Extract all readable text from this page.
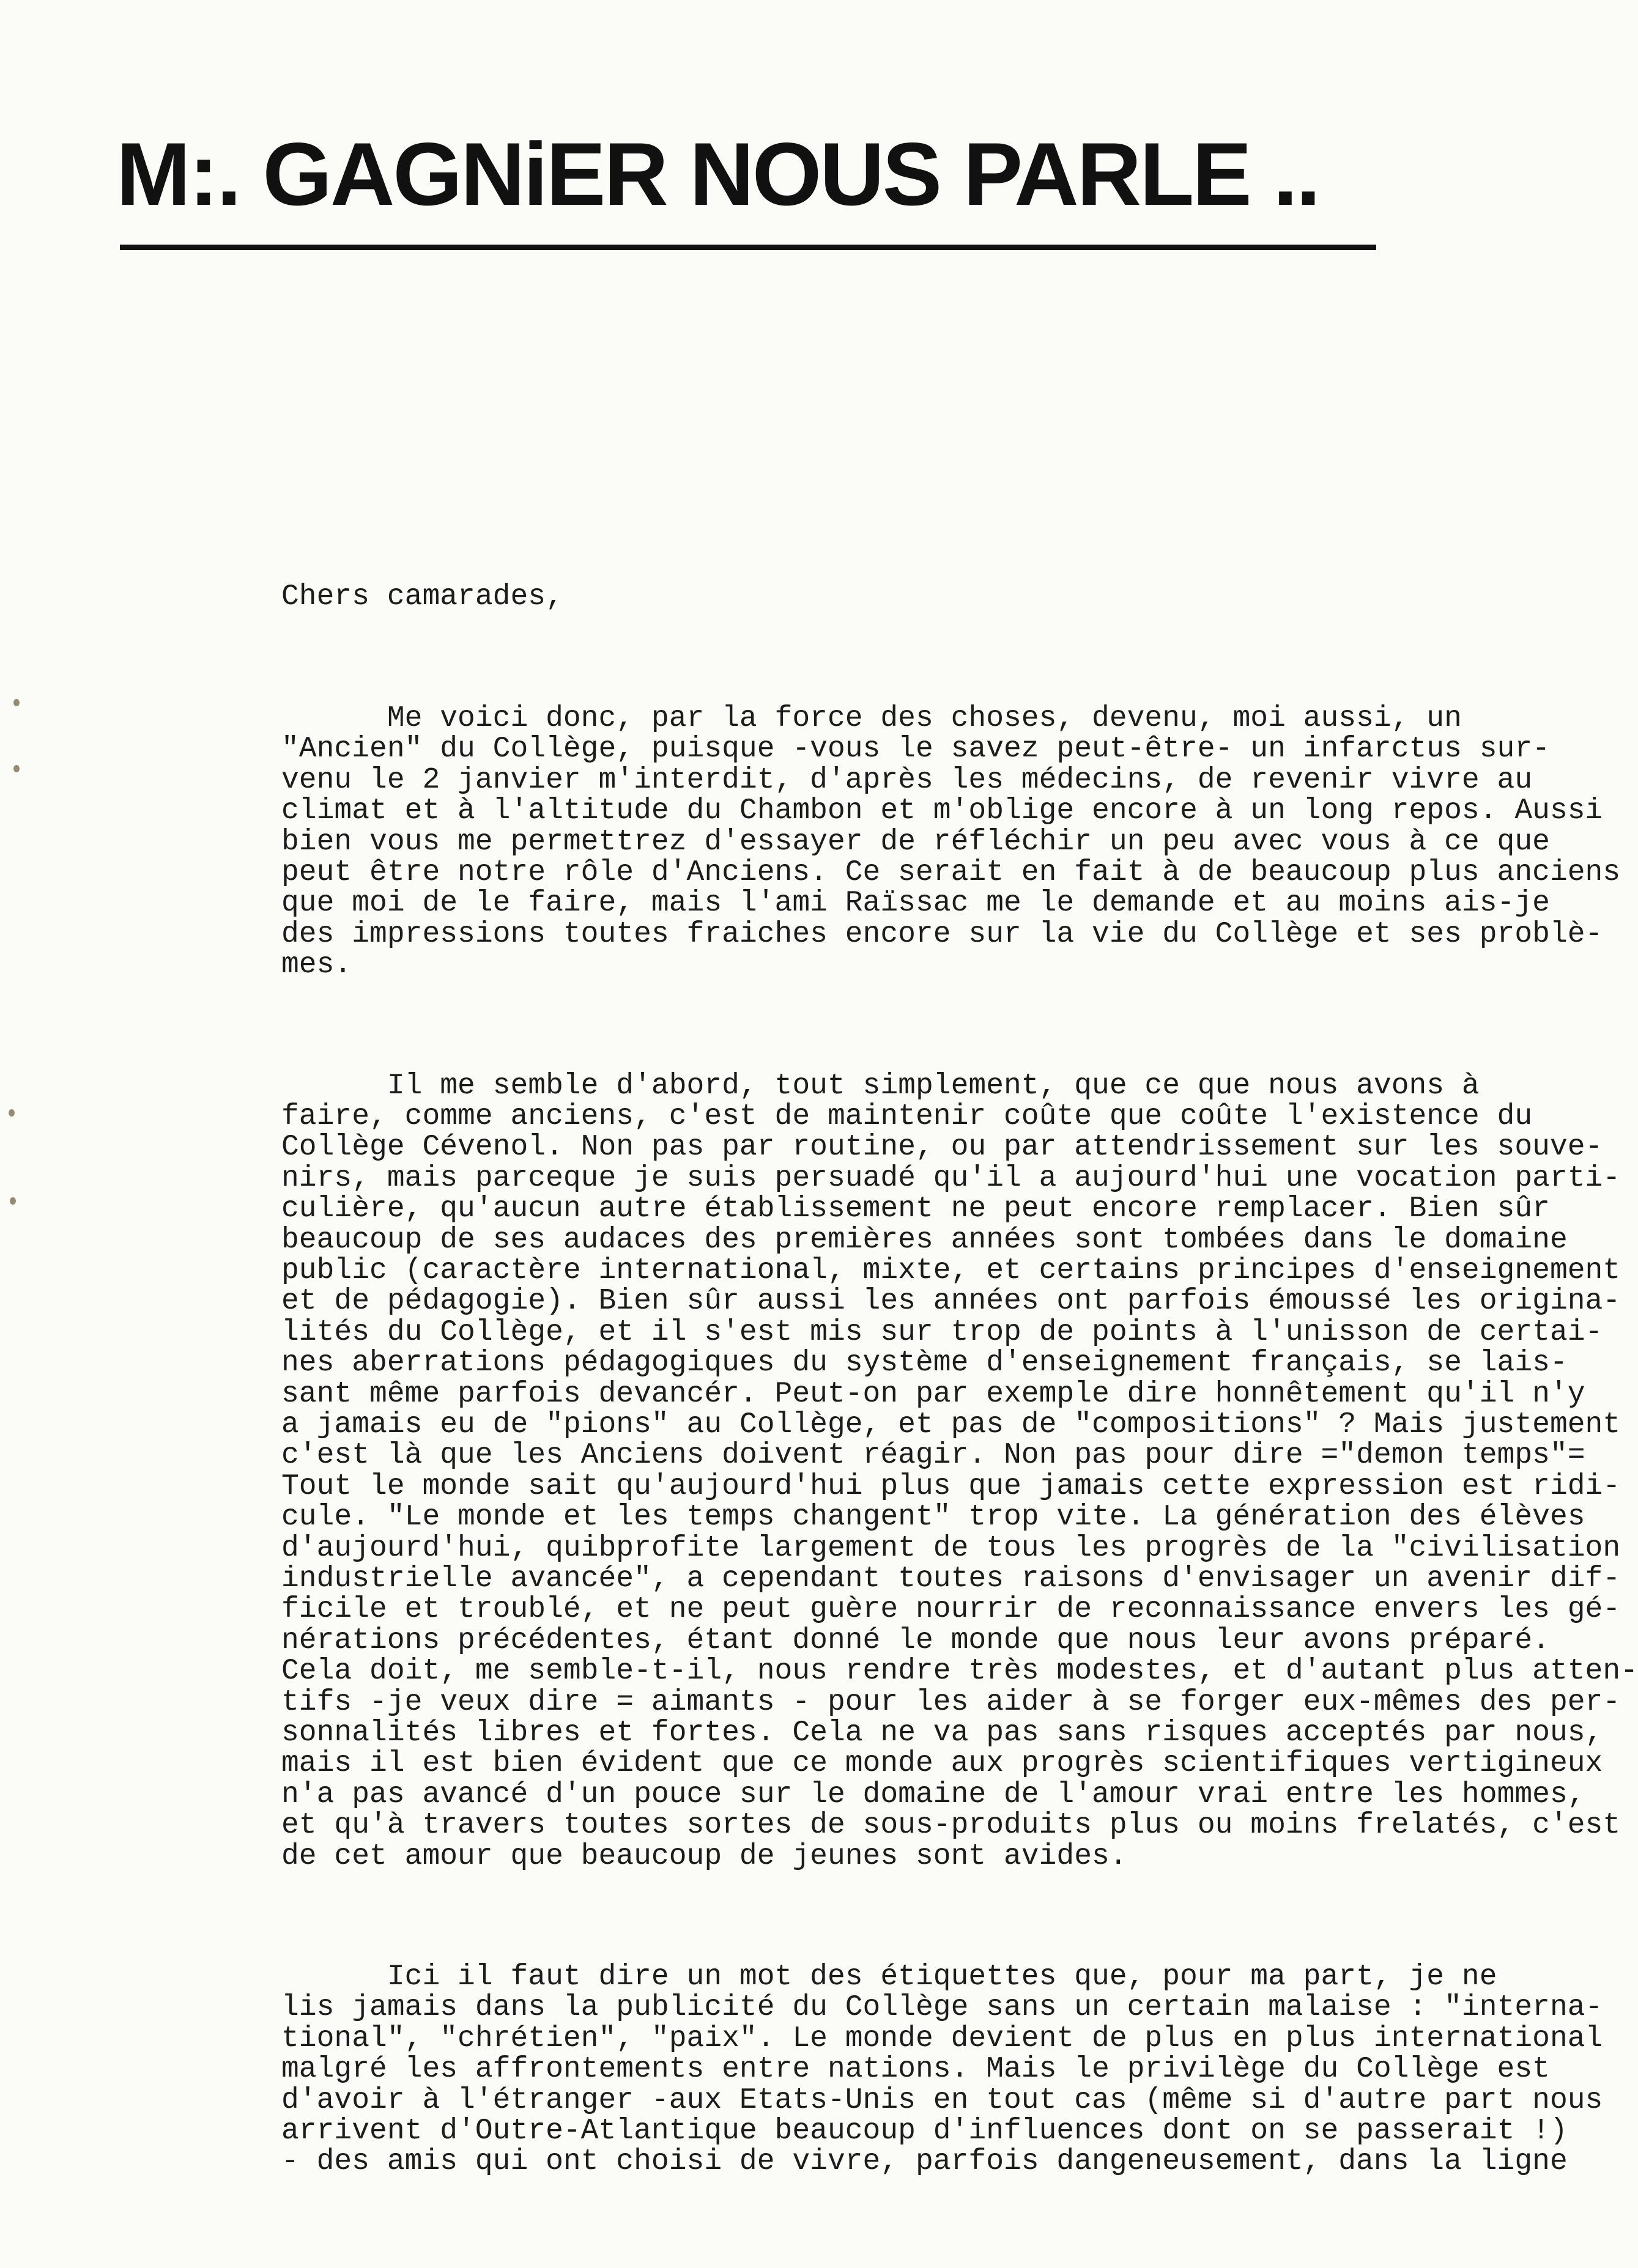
M:. GAGNiER NOUS PARLE ..

Chers camarades,

Me voici donc, par la force des choses, devenu, moi aussi, un
"Ancien" du Collège, puisque -vous le savez peut-être- un infarctus sur-
venu le 2 janvier m'interdit, d'après les médecins, de revenir vivre au
climat et à l'altitude du Chambon et m'oblige encore à un long repos. Aussi
bien vous me permettrez d'essayer de réfléchir un peu avec vous à ce que
peut être notre rôle d'Anciens. Ce serait en fait à de beaucoup plus anciens
que moi de le faire, mais l'ami Raïssac me le demande et au moins ais-je
des impressions toutes fraiches encore sur la vie du Collège et ses problè-
mes.

Il me semble d'abord, tout simplement, que ce que nous avons à
faire, comme anciens, c'est de maintenir coûte que coûte l'existence du
Collège Cévenol. Non pas par routine, ou par attendrissement sur les souve-
nirs, mais parceque je suis persuadé qu'il a aujourd'hui une vocation parti-
culière, qu'aucun autre établissement ne peut encore remplacer. Bien sûr
beaucoup de ses audaces des premières années sont tombées dans le domaine
public (caractère international, mixte, et certains principes d'enseignement
et de pédagogie). Bien sûr aussi les années ont parfois émoussé les origina-
lités du Collège, et il s'est mis sur trop de points à l'unisson de certai-
nes aberrations pédagogiques du système d'enseignement français, se lais-
sant même parfois devancér. Peut-on par exemple dire honnêtement qu'il n'y
a jamais eu de "pions" au Collège, et pas de "compositions" ? Mais justement
c'est là que les Anciens doivent réagir. Non pas pour dire ="demon temps"=
Tout le monde sait qu'aujourd'hui plus que jamais cette expression est ridi-
cule. "Le monde et les temps changent" trop vite. La génération des élèves
d'aujourd'hui, quibprofite largement de tous les progrès de la "civilisation
industrielle avancée", a cependant toutes raisons d'envisager un avenir dif-
ficile et troublé, et ne peut guère nourrir de reconnaissance envers les gé-
nérations précédentes, étant donné le monde que nous leur avons préparé.
Cela doit, me semble-t-il, nous rendre très modestes, et d'autant plus atten-
tifs -je veux dire = aimants - pour les aider à se forger eux-mêmes des per-
sonnalités libres et fortes. Cela ne va pas sans risques acceptés par nous,
mais il est bien évident que ce monde aux progrès scientifiques vertigineux
n'a pas avancé d'un pouce sur le domaine de l'amour vrai entre les hommes,
et qu'à travers toutes sortes de sous-produits plus ou moins frelatés, c'est
de cet amour que beaucoup de jeunes sont avides.

Ici il faut dire un mot des étiquettes que, pour ma part, je ne
lis jamais dans la publicité du Collège sans un certain malaise : "interna-
tional", "chrétien", "paix". Le monde devient de plus en plus international
malgré les affrontements entre nations. Mais le privilège du Collège est
d'avoir à l'étranger -aux Etats-Unis en tout cas (même si d'autre part nous
arrivent d'Outre-Atlantique beaucoup d'influences dont on se passerait !)
- des amis qui ont choisi de vivre, parfois dangeneusement, dans la ligne
